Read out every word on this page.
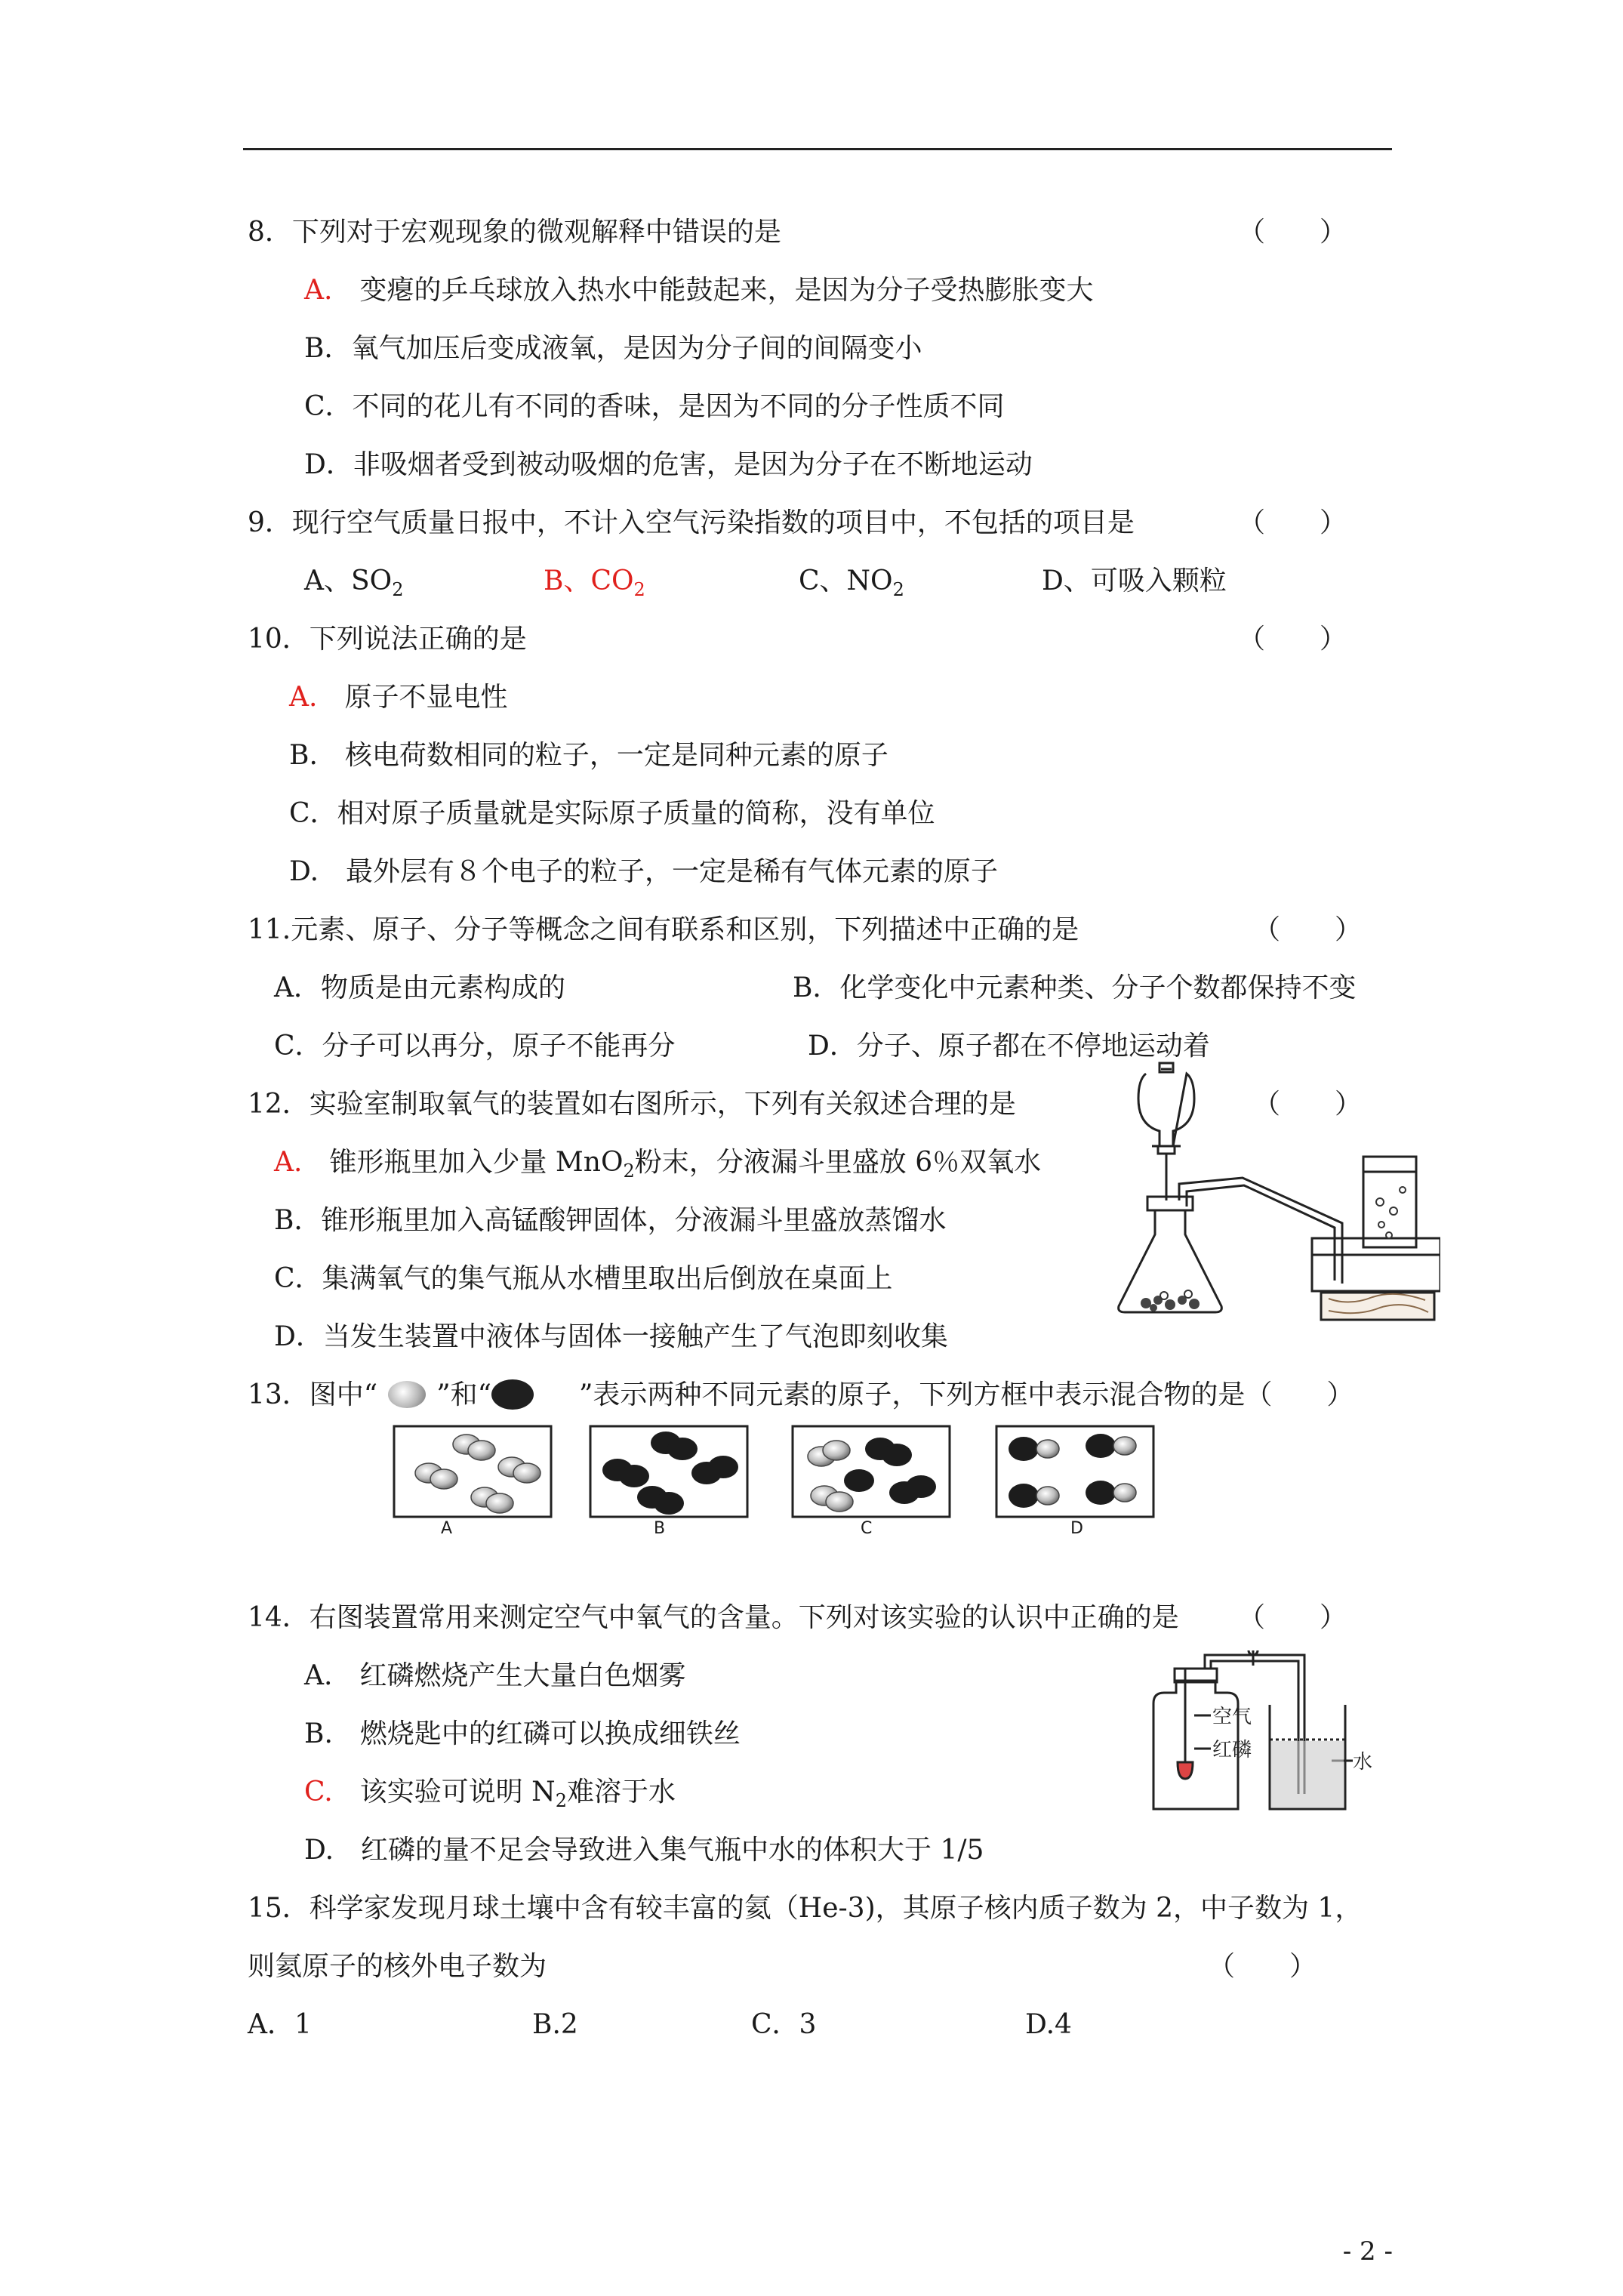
8．下列对于宏观现象的微观解释中错误的是	（　　）
A.　 变瘪的乒乓球放入热水中能鼓起来，是因为分子受热膨胀变大
B．氧气加压后变成液氧，是因为分子间的间隔变小
C．不同的花儿有不同的香味，是因为不同的分子性质不同
D．非吸烟者受到被动吸烟的危害，是因为分子在不断地运动
9．现行空气质量日报中，不计入空气污染指数的项目中，不包括的项目是	（　　）
A、$SO_2$	B、$CO_2$	C、$NO_2$	D、可吸入颗粒
10．下列说法正确的是	（　　）
A.　 原子不显电性
B.　核电荷数相同的粒子，一定是同种元素的原子
C．相对原子质量就是实际原子质量的简称，没有单位
D.　最外层有８个电子的粒子，一定是稀有气体元素的原子
11.元素、原子、分子等概念之间有联系和区别，下列描述中正确的是	（　　）
A．物质是由元素构成的	B．化学变化中元素种类、分子个数都保持不变
C．分子可以再分，原子不能再分	D．分子、原子都在不停地运动着
12．实验室制取氧气的装置如右图所示，下列有关叙述合理的是	（　　）
A.　 锥形瓶里加入少量 MnO$_2$粉末，分液漏斗里盛放 6％双氧水
B．锥形瓶里加入高锰酸钾固体，分液漏斗里盛放蒸馏水
C．集满氧气的集气瓶从水槽里取出后倒放在桌面上
D．当发生装置中液体与固体一接触产生了气泡即刻收集
13．图中“ ”和“	”表示两种不同元素的原子，下列方框中表示混合物的是（　　）
A	B	C	D
14．右图装置常用来测定空气中氧气的含量。下列对该实验的认识中正确的是 （　　）
A.　红磷燃烧产生大量白色烟雾
B.　燃烧匙中的红磷可以换成细铁丝
C.　 该实验可说明 $N_2$难溶于水
D.　红磷的量不足会导致进入集气瓶中水的体积大于 1/5
空气
红磷
水
15．科学家发现月球土壤中含有较丰富的氦（He-3)，其原子核内质子数为 2，中子数为 1，
则氦原子的核外电子数为	（　　）
A．1	B.2	C．3	D.4
- 2 -
